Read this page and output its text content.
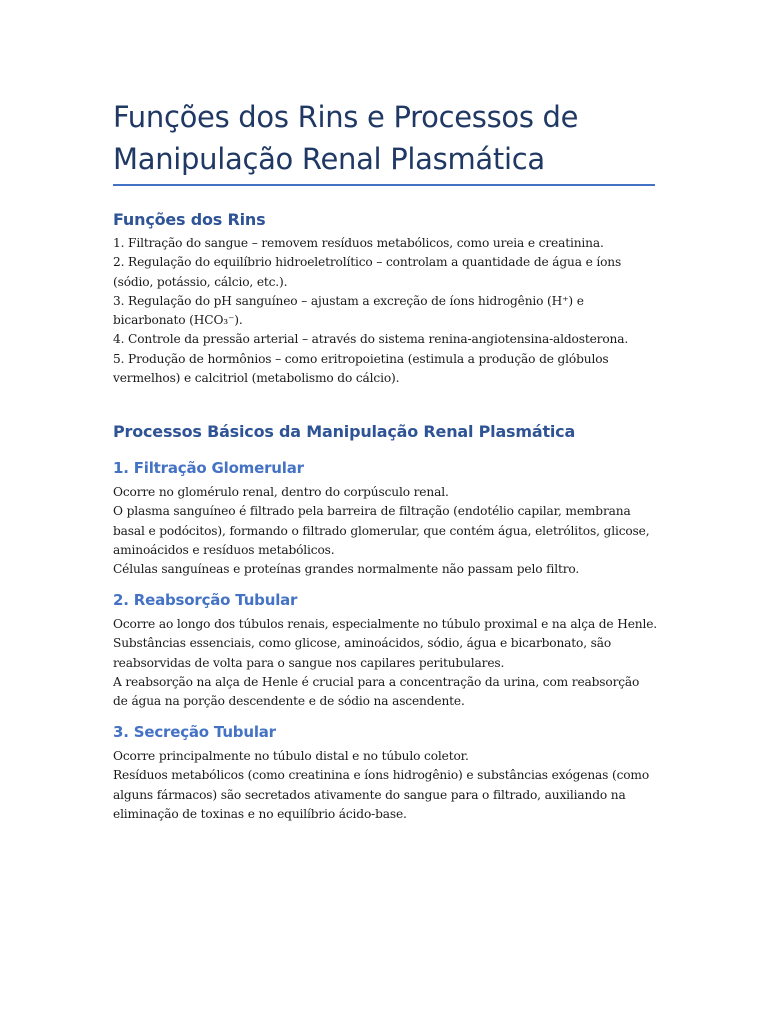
Funções dos Rins e Processos de
Manipulação Renal Plasmática
Funções dos Rins

1. Filtração do sangue – removem resíduos metabólicos, como ureia e creatinina.

2. Regulação do equilíbrio hidroeletrolítico – controlam a quantidade de água e íons (sódio, potássio, cálcio, etc.).

3. Regulação do pH sanguíneo – ajustam a excreção de íons hidrogênio (H⁺) e bicarbonato (HCO₃⁻).

4. Controle da pressão arterial – através do sistema renina-angiotensina-aldosterona.

5. Produção de hormônios – como eritropoietina (estimula a produção de glóbulos vermelhos) e calcitriol (metabolismo do cálcio).

Processos Básicos da Manipulação Renal Plasmática
1. Filtração Glomerular

Ocorre no glomérulo renal, dentro do corpúsculo renal.

O plasma sanguíneo é filtrado pela barreira de filtração (endotélio capilar, membrana basal e podócitos), formando o filtrado glomerular, que contém água, eletrólitos, glicose, aminoácidos e resíduos metabólicos.

Células sanguíneas e proteínas grandes normalmente não passam pelo filtro.

2. Reabsorção Tubular

Ocorre ao longo dos túbulos renais, especialmente no túbulo proximal e na alça de Henle.

Substâncias essenciais, como glicose, aminoácidos, sódio, água e bicarbonato, são reabsorvidas de volta para o sangue nos capilares peritubulares.

A reabsorção na alça de Henle é crucial para a concentração da urina, com reabsorção de água na porção descendente e de sódio na ascendente.

3. Secreção Tubular

Ocorre principalmente no túbulo distal e no túbulo coletor.

Resíduos metabólicos (como creatinina e íons hidrogênio) e substâncias exógenas (como alguns fármacos) são secretados ativamente do sangue para o filtrado, auxiliando na eliminação de toxinas e no equilíbrio ácido-base.
